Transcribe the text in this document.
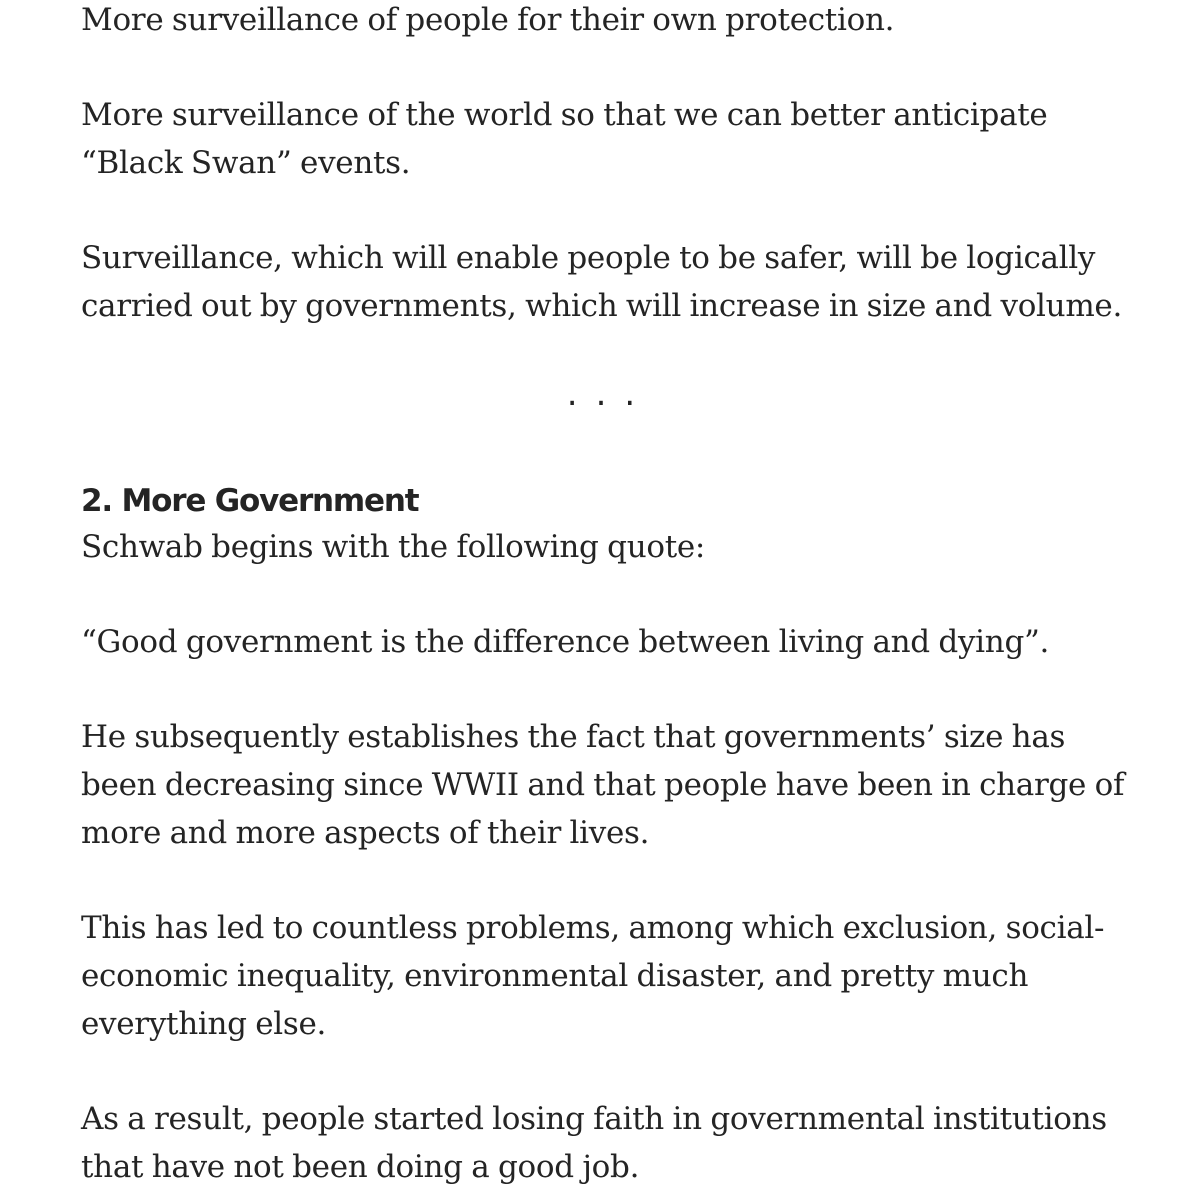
More surveillance of people for their own protection.

More surveillance of the world so that we can better anticipate “Black Swan” events.

Surveillance, which will enable people to be safer, will be logically carried out by governments, which will increase in size and volume.

...
2. More Government

Schwab begins with the following quote:

“Good government is the difference between living and dying”.

He subsequently establishes the fact that governments’ size has been decreasing since WWII and that people have been in charge of more and more aspects of their lives.

This has led to countless problems, among which exclusion, social-economic inequality, environmental disaster, and pretty much everything else.

As a result, people started losing faith in governmental institutions that have not been doing a good job.
